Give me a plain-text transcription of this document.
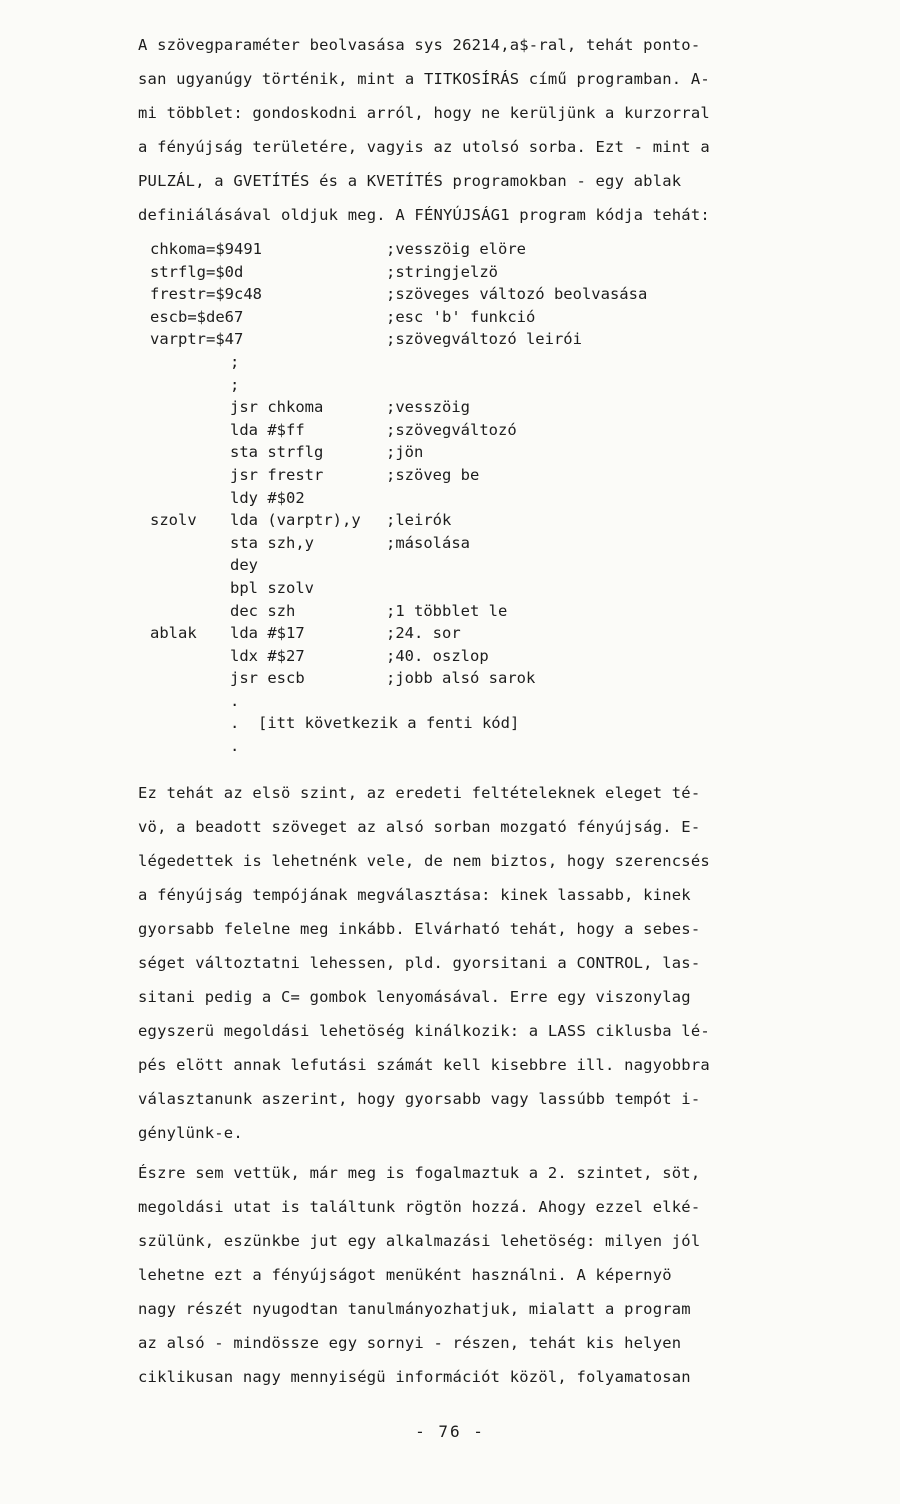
A szövegparaméter beolvasása sys 26214,a$-ral, tehát ponto-

san ugyanúgy történik, mint a TITKOSÍRÁS című programban. A-

mi többlet: gondoskodni arról, hogy ne kerüljünk a kurzorral

a fényújság területére, vagyis az utolsó sorba. Ezt - mint a

PULZÁL, a GVETÍTÉS és a KVETÍTÉS programokban - egy ablak

definiálásával oldjuk meg. A FÉNYÚJSÁG1 program kódja tehát:

chkoma=$9491	;vesszöig elöre
strflg=$0d	;stringjelzö
frestr=$9c48	;szöveges változó beolvasása
escb=$de67	;esc 'b' funkció
varptr=$47	;szövegváltozó leirói
;
;
jsr chkoma	;vesszöig
lda #$ff	;szövegváltozó
sta strflg	;jön
jsr frestr	;szöveg be
ldy #$02
szolv lda (varptr),y ;leirók
sta szh,y	;másolása
dey
bpl szolv
dec szh	;1 többlet le
ablak lda #$17	;24. sor
ldx #$27	;40. oszlop
jsr escb	;jobb alsó sarok
.
.  [itt következik a fenti kód]
.

Ez tehát az elsö szint, az eredeti feltételeknek eleget té-

vö, a beadott szöveget az alsó sorban mozgató fényújság. E-

légedettek is lehetnénk vele, de nem biztos, hogy szerencsés

a fényújság tempójának megválasztása: kinek lassabb, kinek

gyorsabb felelne meg inkább. Elvárható tehát, hogy a sebes-

séget változtatni lehessen, pld. gyorsitani a CONTROL, las-

sitani pedig a C= gombok lenyomásával. Erre egy viszonylag

egyszerü megoldási lehetöség kinálkozik: a LASS ciklusba lé-

pés elött annak lefutási számát kell kisebbre ill. nagyobbra

választanunk aszerint, hogy gyorsabb vagy lassúbb tempót i-

génylünk-e.

Észre sem vettük, már meg is fogalmaztuk a 2. szintet, söt,

megoldási utat is találtunk rögtön hozzá. Ahogy ezzel elké-

szülünk, eszünkbe jut egy alkalmazási lehetöség: milyen jól

lehetne ezt a fényújságot menüként használni. A képernyö

nagy részét nyugodtan tanulmányozhatjuk, mialatt a program

az alsó - mindössze egy sornyi - részen, tehát kis helyen

ciklikusan nagy mennyiségü információt közöl, folyamatosan

- 76 -
